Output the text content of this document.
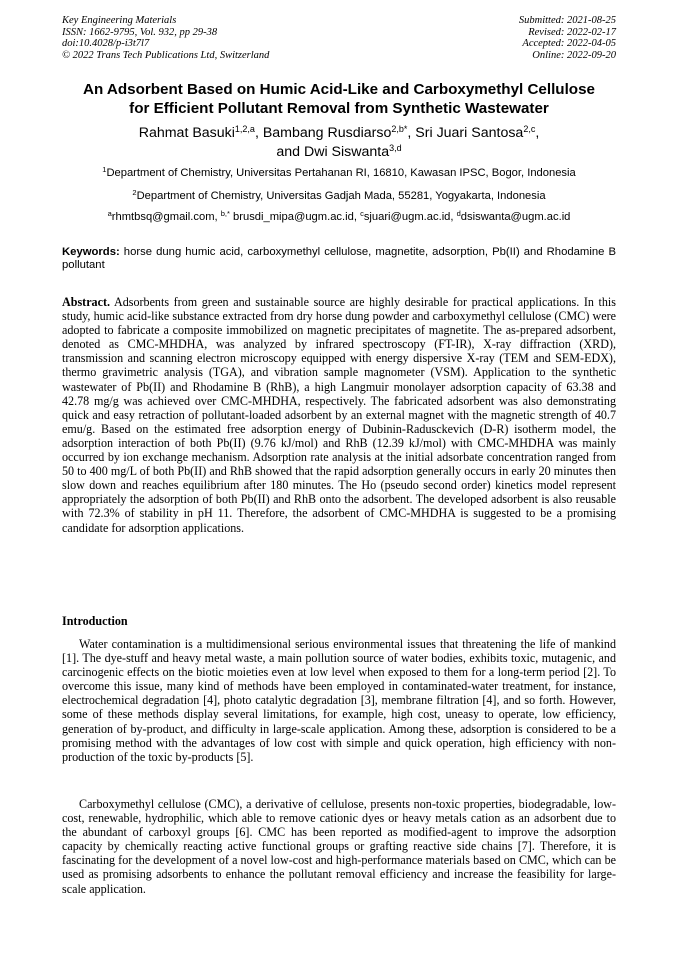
Key Engineering Materials
ISSN: 1662-9795, Vol. 932, pp 29-38
doi:10.4028/p-i3t7l7
© 2022 Trans Tech Publications Ltd, Switzerland
Submitted: 2021-08-25
Revised: 2022-02-17
Accepted: 2022-04-05
Online: 2022-09-20
An Adsorbent Based on Humic Acid-Like and Carboxymethyl Cellulose
for Efficient Pollutant Removal from Synthetic Wastewater
Rahmat Basuki$^{1,2,a}$, Bambang Rusdiarso$^{2,b*}$, Sri Juari Santosa$^{2,c}$,
and Dwi Siswanta$^{3,d}$
$^1$Department of Chemistry, Universitas Pertahanan RI, 16810, Kawasan IPSC, Bogor, Indonesia
$^2$Department of Chemistry, Universitas Gadjah Mada, 55281, Yogyakarta, Indonesia
$^a$rhmtbsq@gmail.com, $^{b,*}$ brusdi_mipa@ugm.ac.id, $^c$sjuari@ugm.ac.id, $^d$dsiswanta@ugm.ac.id
Keywords: horse dung humic acid, carboxymethyl cellulose, magnetite, adsorption, Pb(II) and Rhodamine B pollutant
Abstract. Adsorbents from green and sustainable source are highly desirable for practical applications. In this study, humic acid-like substance extracted from dry horse dung powder and carboxymethyl cellulose (CMC) were adopted to fabricate a composite immobilized on magnetic precipitates of magnetite. The as-prepared adsorbent, denoted as CMC-MHDHA, was analyzed by infrared spectroscopy (FT-IR), X-ray diffraction (XRD), transmission and scanning electron microscopy equipped with energy dispersive X-ray (TEM and SEM-EDX), thermo gravimetric analysis (TGA), and vibration sample magnometer (VSM). Application to the synthetic wastewater of Pb(II) and Rhodamine B (RhB), a high Langmuir monolayer adsorption capacity of 63.38 and 42.78 mg/g was achieved over CMC-MHDHA, respectively. The fabricated adsorbent was also demonstrating quick and easy retraction of pollutant-loaded adsorbent by an external magnet with the magnetic strength of 40.7 emu/g. Based on the estimated free adsorption energy of Dubinin-Radusckevich (D-R) isotherm model, the adsorption interaction of both Pb(II) (9.76 kJ/mol) and RhB (12.39 kJ/mol) with CMC-MHDHA was mainly occurred by ion exchange mechanism. Adsorption rate analysis at the initial adsorbate concentration ranged from 50 to 400 mg/L of both Pb(II) and RhB showed that the rapid adsorption generally occurs in early 20 minutes then slow down and reaches equilibrium after 180 minutes. The Ho (pseudo second order) kinetics model represent appropriately the adsorption of both Pb(II) and RhB onto the adsorbent. The developed adsorbent is also reusable with 72.3% of stability in pH 11. Therefore, the adsorbent of CMC-MHDHA is suggested to be a promising candidate for adsorption applications.
Introduction
Water contamination is a multidimensional serious environmental issues that threatening the life of mankind [1]. The dye-stuff and heavy metal waste, a main pollution source of water bodies, exhibits toxic, mutagenic, and carcinogenic effects on the biotic moieties even at low level when exposed to them for a long-term period [2]. To overcome this issue, many kind of methods have been employed in contaminated-water treatment, for instance, electrochemical degradation [4], photo catalytic degradation [3], membrane filtration [4], and so forth. However, some of these methods display several limitations, for example, high cost, uneasy to operate, low efficiency, generation of by-product, and difficulty in large-scale application. Among these, adsorption is considered to be a promising method with the advantages of low cost with simple and quick operation, high efficiency with non-production of the toxic by-products [5].
Carboxymethyl cellulose (CMC), a derivative of cellulose, presents non-toxic properties, biodegradable, low-cost, renewable, hydrophilic, which able to remove cationic dyes or heavy metals cation as an adsorbent due to the abundant of carboxyl groups [6]. CMC has been reported as modified-agent to improve the adsorption capacity by chemically reacting active functional groups or grafting reactive side chains [7]. Therefore, it is fascinating for the development of a novel low-cost and high-performance materials based on CMC, which can be used as promising adsorbents to enhance the pollutant removal efficiency and increase the feasibility for large-scale application.
